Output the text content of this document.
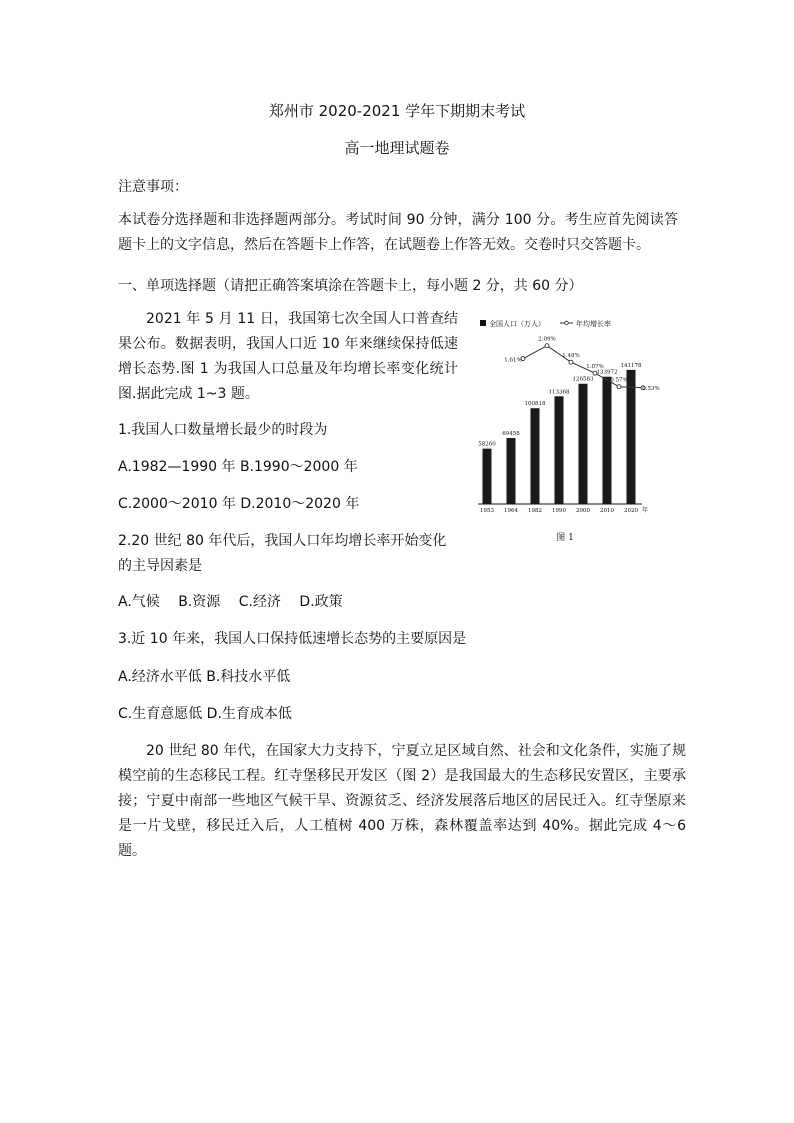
郑州市 2020-2021 学年下期期末考试
高一地理试题卷
注意事项：
本试卷分选择题和非选择题两部分。考试时间 90 分钟，满分 100 分。考生应首先阅读答题卡上的文字信息，然后在答题卡上作答，在试题卷上作答无效。交卷时只交答题卡。
一、单项选择题（请把正确答案填涂在答题卡上，每小题 2 分，共 60 分）
2021 年 5 月 11 日，我国第七次全国人口普查结果公布。数据表明，我国人口近 10 年来继续保持低速增长态势.图 1 为我国人口总量及年均增长率变化统计图.据此完成 1~3 题。
1.我国人口数量增长最少的时段为
A.1982—1990 年 B.1990～2000 年
C.2000～2010 年 D.2010～2020 年
2.20 世纪 80 年代后，我国人口年均增长率开始变化的主导因素是
A.气候　 B.资源　 C.经济　 D.政策
3.近 10 年来，我国人口保持低速增长态势的主要原因是
A.经济水平低 B.科技水平低
C.生育意愿低 D.生育成本低
20 世纪 80 年代，在国家大力支持下，宁夏立足区域自然、社会和文化条件，实施了规模空前的生态移民工程。红寺堡移民开发区（图 2）是我国最大的生态移民安置区，主要承接；宁夏中南部一些地区气候干旱、资源贫乏、经济发展落后地区的居民迁入。红寺堡原来是一片戈壁，移民迁入后，人工植树 400 万株，森林覆盖率达到 40%。据此完成 4～6 题。
全国人口（万人）	年均增长率
58260
69458
100818
113368
126583
133972
141178
1.61%
2.09%
1.48%
1.07%
0.57%
0.53%
1953 1964 1982 1990 2000 2010 2020 年
图 1
